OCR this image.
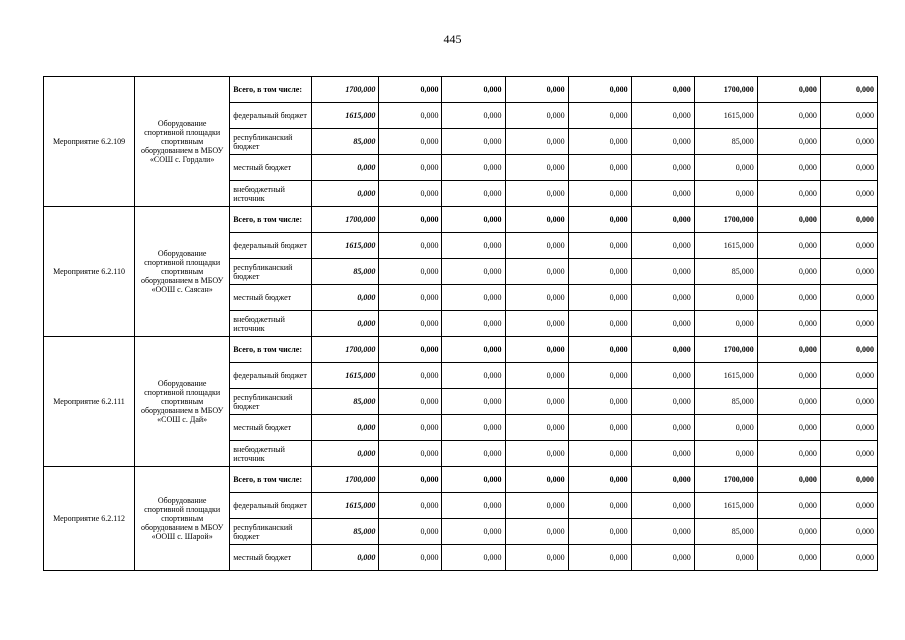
445
Мероприятие 6.2.109	Оборудование спортивной площадки спортивным оборудованием в МБОУ «СОШ с. Гордали»	Всего, в том числе:	1700,000	0,000	0,000	0,000	0,000	0,000	1700,000	0,000	0,000
		федеральный бюджет	1615,000	0,000	0,000	0,000	0,000	0,000	1615,000	0,000	0,000
		республиканский бюджет	85,000	0,000	0,000	0,000	0,000	0,000	85,000	0,000	0,000
		местный бюджет	0,000	0,000	0,000	0,000	0,000	0,000	0,000	0,000	0,000
		внебюджетный источник	0,000	0,000	0,000	0,000	0,000	0,000	0,000	0,000	0,000
Мероприятие 6.2.110	Оборудование спортивной площадки спортивным оборудованием в МБОУ «ООШ с. Саясан»	Всего, в том числе:	1700,000	0,000	0,000	0,000	0,000	0,000	1700,000	0,000	0,000
		федеральный бюджет	1615,000	0,000	0,000	0,000	0,000	0,000	1615,000	0,000	0,000
		республиканский бюджет	85,000	0,000	0,000	0,000	0,000	0,000	85,000	0,000	0,000
		местный бюджет	0,000	0,000	0,000	0,000	0,000	0,000	0,000	0,000	0,000
		внебюджетный источник	0,000	0,000	0,000	0,000	0,000	0,000	0,000	0,000	0,000
Мероприятие 6.2.111	Оборудование спортивной площадки спортивным оборудованием в МБОУ «СОШ с. Дай»	Всего, в том числе:	1700,000	0,000	0,000	0,000	0,000	0,000	1700,000	0,000	0,000
		федеральный бюджет	1615,000	0,000	0,000	0,000	0,000	0,000	1615,000	0,000	0,000
		республиканский бюджет	85,000	0,000	0,000	0,000	0,000	0,000	85,000	0,000	0,000
		местный бюджет	0,000	0,000	0,000	0,000	0,000	0,000	0,000	0,000	0,000
		внебюджетный источник	0,000	0,000	0,000	0,000	0,000	0,000	0,000	0,000	0,000
Мероприятие 6.2.112	Оборудование спортивной площадки спортивным оборудованием в МБОУ «ООШ с. Шарой»	Всего, в том числе:	1700,000	0,000	0,000	0,000	0,000	0,000	1700,000	0,000	0,000
		федеральный бюджет	1615,000	0,000	0,000	0,000	0,000	0,000	1615,000	0,000	0,000
		республиканский бюджет	85,000	0,000	0,000	0,000	0,000	0,000	85,000	0,000	0,000
		местный бюджет	0,000	0,000	0,000	0,000	0,000	0,000	0,000	0,000	0,000
